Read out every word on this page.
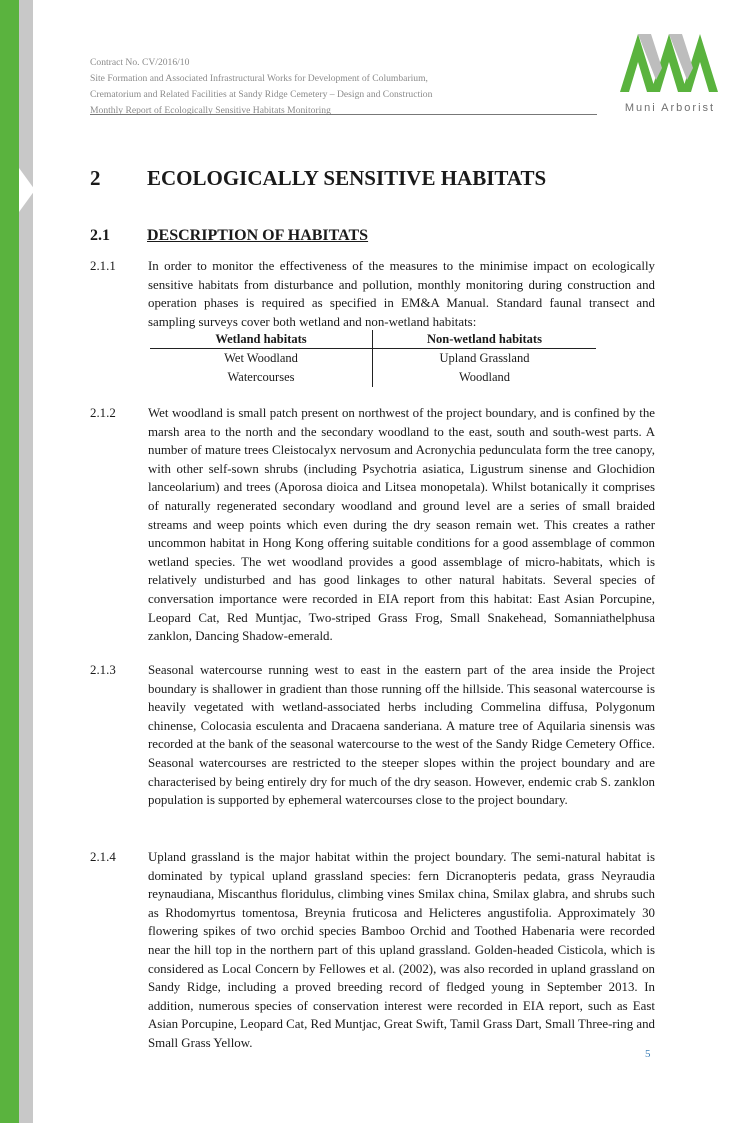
Contract No. CV/2016/10
Site Formation and Associated Infrastructural Works for Development of Columbarium,
Crematorium and Related Facilities at Sandy Ridge Cemetery – Design and Construction
Monthly Report of Ecologically Sensitive Habitats Monitoring	Muni Arborist
2 ECOLOGICALLY SENSITIVE HABITATS
2.1 DESCRIPTION OF HABITATS
2.1.1 In order to monitor the effectiveness of the measures to the minimise impact on ecologically sensitive habitats from disturbance and pollution, monthly monitoring during construction and operation phases is required as specified in EM&A Manual. Standard faunal transect and sampling surveys cover both wetland and non-wetland habitats:
Wetland habitats	Non-wetland habitats
Wet Woodland	Upland Grassland
Watercourses	Woodland
2.1.2 Wet woodland is small patch present on northwest of the project boundary, and is confined by the marsh area to the north and the secondary woodland to the east, south and south-west parts. A number of mature trees Cleistocalyx nervosum and Acronychia pedunculata form the tree canopy, with other self-sown shrubs (including Psychotria asiatica, Ligustrum sinense and Glochidion lanceolarium) and trees (Aporosa dioica and Litsea monopetala). Whilst botanically it comprises of naturally regenerated secondary woodland and ground level are a series of small braided streams and weep points which even during the dry season remain wet. This creates a rather uncommon habitat in Hong Kong offering suitable conditions for a good assemblage of common wetland species. The wet woodland provides a good assemblage of micro-habitats, which is relatively undisturbed and has good linkages to other natural habitats. Several species of conversation importance were recorded in EIA report from this habitat: East Asian Porcupine, Leopard Cat, Red Muntjac, Two-striped Grass Frog, Small Snakehead, Somanniathelphusa zanklon, Dancing Shadow-emerald.
2.1.3 Seasonal watercourse running west to east in the eastern part of the area inside the Project boundary is shallower in gradient than those running off the hillside. This seasonal watercourse is heavily vegetated with wetland-associated herbs including Commelina diffusa, Polygonum chinense, Colocasia esculenta and Dracaena sanderiana. A mature tree of Aquilaria sinensis was recorded at the bank of the seasonal watercourse to the west of the Sandy Ridge Cemetery Office. Seasonal watercourses are restricted to the steeper slopes within the project boundary and are characterised by being entirely dry for much of the dry season. However, endemic crab S. zanklon population is supported by ephemeral watercourses close to the project boundary.
2.1.4 Upland grassland is the major habitat within the project boundary. The semi-natural habitat is dominated by typical upland grassland species: fern Dicranopteris pedata, grass Neyraudia reynaudiana, Miscanthus floridulus, climbing vines Smilax china, Smilax glabra, and shrubs such as Rhodomyrtus tomentosa, Breynia fruticosa and Helicteres angustifolia. Approximately 30 flowering spikes of two orchid species Bamboo Orchid and Toothed Habenaria were recorded near the hill top in the northern part of this upland grassland. Golden-headed Cisticola, which is considered as Local Concern by Fellowes et al. (2002), was also recorded in upland grassland on Sandy Ridge, including a proved breeding record of fledged young in September 2013. In addition, numerous species of conservation interest were recorded in EIA report, such as East Asian Porcupine, Leopard Cat, Red Muntjac, Great Swift, Tamil Grass Dart, Small Three-ring and Small Grass Yellow.
5
